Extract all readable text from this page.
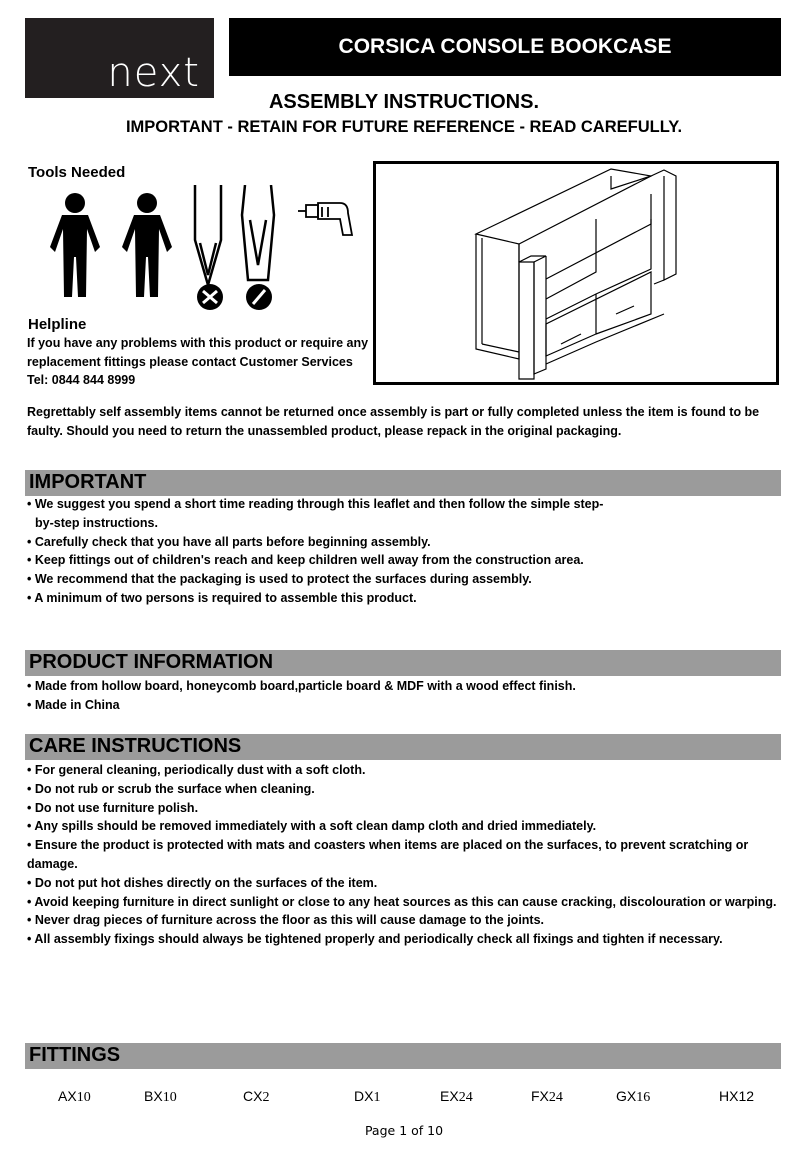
next
CORSICA CONSOLE BOOKCASE
ASSEMBLY INSTRUCTIONS.
IMPORTANT - RETAIN FOR FUTURE REFERENCE - READ CAREFULLY.
Tools Needed
Helpline
If you have any problems with this product or require any replacement fittings please contact Customer Services Tel: 0844 844 8999
Regrettably self assembly items cannot be returned once assembly is part or fully completed unless the item is found to be faulty. Should you need to return the unassembled product, please repack in the original packaging.
IMPORTANT

• We suggest you spend a short time reading through this leaflet and then follow the simple step-

by-step instructions.

• Carefully check that you have all parts before beginning assembly.

• Keep fittings out of children's reach and keep children well away from the construction area.

• We recommend that the packaging is used to protect the surfaces during assembly.

• A minimum of two persons is required to assemble this product.

PRODUCT INFORMATION

• Made from hollow board, honeycomb board,particle board & MDF with a wood effect finish.

• Made in China

CARE INSTRUCTIONS

• For general cleaning, periodically dust with a soft cloth.

• Do not rub or scrub the surface when cleaning.

• Do not use furniture polish.

• Any spills should be removed immediately with a soft clean damp cloth and dried immediately.

• Ensure the product is protected with mats and coasters when items are placed on the surfaces, to prevent scratching or damage.

• Do not put hot dishes directly on the surfaces of the item.

• Avoid keeping furniture in direct sunlight or close to any heat sources as this can cause cracking, discolouration or warping.

• Never drag pieces of furniture across the floor as this will cause damage to the joints.

• All assembly fixings should always be tightened properly and periodically check all fixings and tighten if necessary.

FITTINGS
AX10	BX10	CX2	DX1	EX24	FX24	GX16	HX12
Page 1 of 10
